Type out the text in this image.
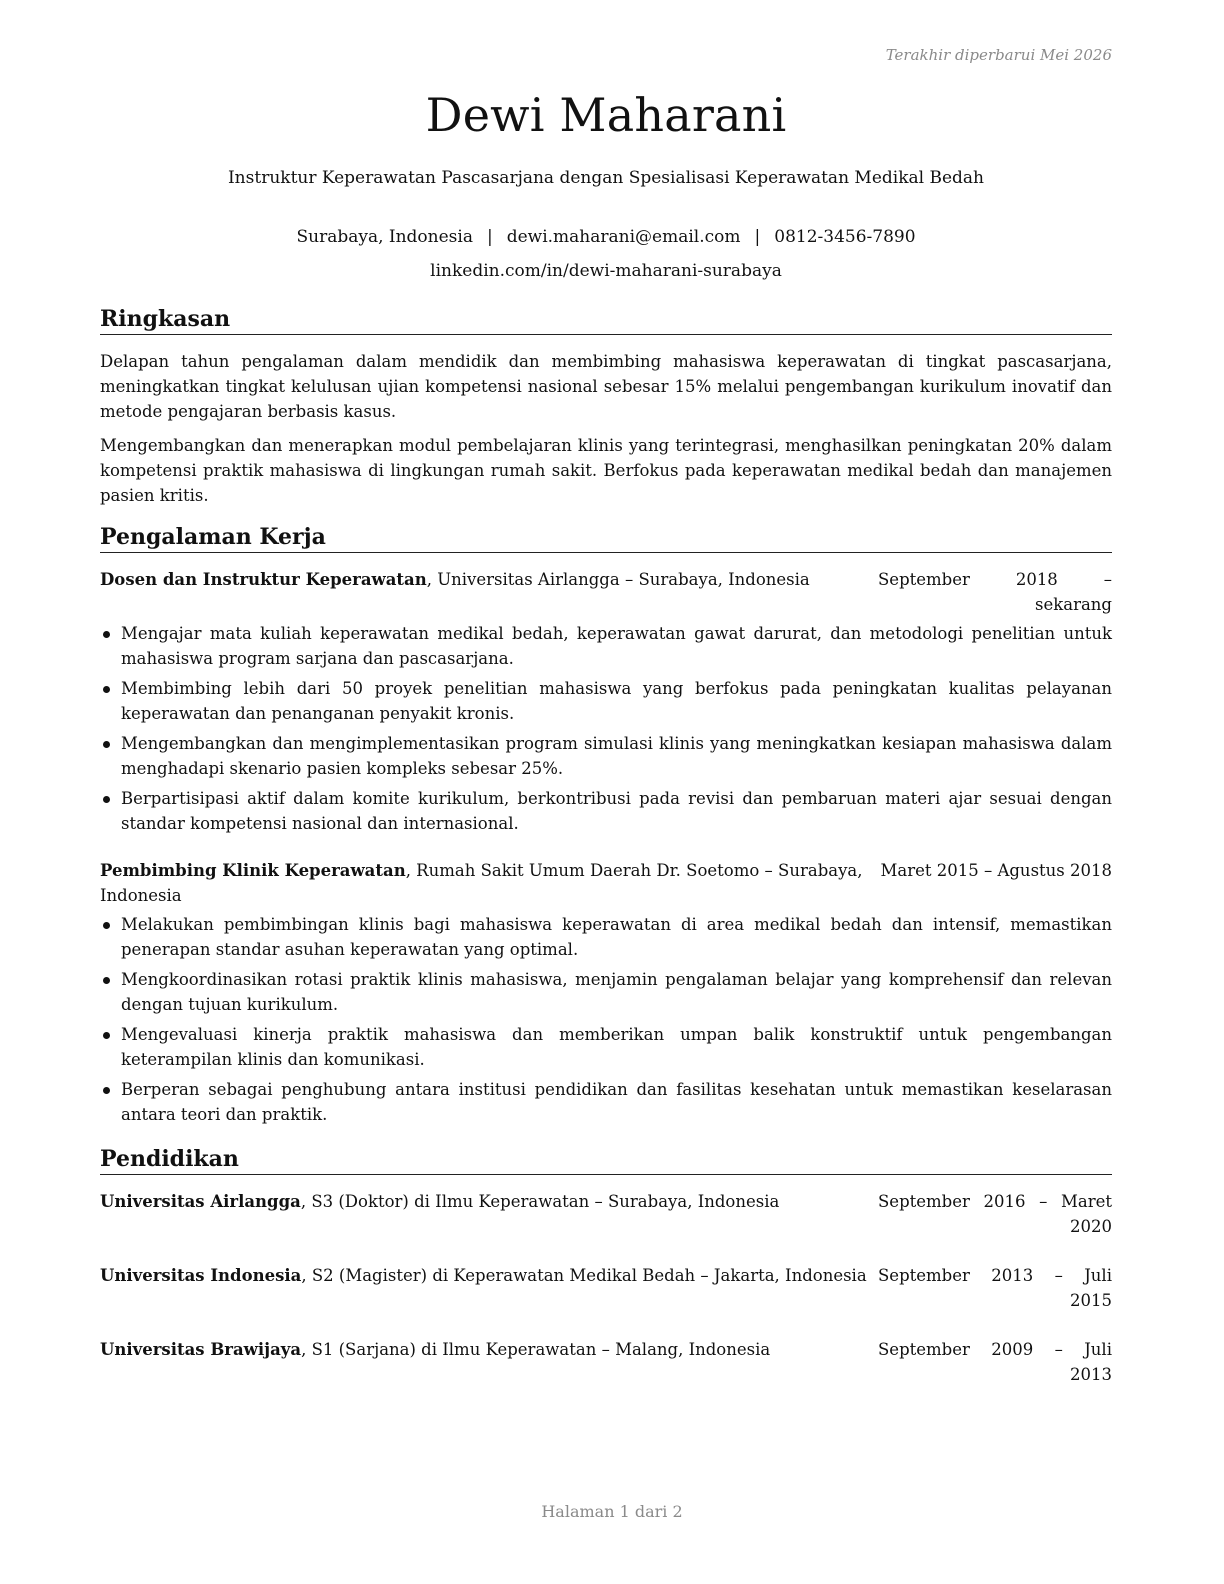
Terakhir diperbarui Mei 2026
Dewi Maharani
Instruktur Keperawatan Pascasarjana dengan Spesialisasi Keperawatan Medikal Bedah
Surabaya, Indonesia | dewi.maharani@email.com | 0812-3456-7890
linkedin.com/in/dewi-maharani-surabaya
Ringkasan

Delapan tahun pengalaman dalam mendidik dan membimbing mahasiswa keperawatan di tingkat pascasarjana, meningkatkan tingkat kelulusan ujian kompetensi nasional sebesar 15% melalui pengembangan kurikulum inovatif dan metode pengajaran berbasis kasus.

Mengembangkan dan menerapkan modul pembelajaran klinis yang terintegrasi, menghasilkan peningkatan 20% dalam kompetensi praktik mahasiswa di lingkungan rumah sakit. Berfokus pada keperawatan medikal bedah dan manajemen pasien kritis.

Pengalaman Kerja
Dosen dan Instruktur Keperawatan, Universitas Airlangga – Surabaya, Indonesia	September 2018 –
sekarang
Mengajar mata kuliah keperawatan medikal bedah, keperawatan gawat darurat, dan metodologi penelitian untuk mahasiswa program sarjana dan pascasarjana.
Membimbing lebih dari 50 proyek penelitian mahasiswa yang berfokus pada peningkatan kualitas pelayanan keperawatan dan penanganan penyakit kronis.
Mengembangkan dan mengimplementasikan program simulasi klinis yang meningkatkan kesiapan mahasiswa dalam menghadapi skenario pasien kompleks sebesar 25%.
Berpartisipasi aktif dalam komite kurikulum, berkontribusi pada revisi dan pembaruan materi ajar sesuai dengan standar kompetensi nasional dan internasional.
Pembimbing Klinik Keperawatan, Rumah Sakit Umum Daerah Dr. Soetomo – Surabaya,
Indonesia
Maret 2015 – Agustus 2018
Melakukan pembimbingan klinis bagi mahasiswa keperawatan di area medikal bedah dan intensif, memastikan penerapan standar asuhan keperawatan yang optimal.
Mengkoordinasikan rotasi praktik klinis mahasiswa, menjamin pengalaman belajar yang komprehensif dan relevan dengan tujuan kurikulum.
Mengevaluasi kinerja praktik mahasiswa dan memberikan umpan balik konstruktif untuk pengembangan keterampilan klinis dan komunikasi.
Berperan sebagai penghubung antara institusi pendidikan dan fasilitas kesehatan untuk memastikan keselarasan antara teori dan praktik.
Pendidikan
Universitas Airlangga, S3 (Doktor) di Ilmu Keperawatan – Surabaya, Indonesia	September 2016 – Maret
2020
Universitas Indonesia, S2 (Magister) di Keperawatan Medikal Bedah – Jakarta, Indonesia September 2013 – Juli
2015
Universitas Brawijaya, S1 (Sarjana) di Ilmu Keperawatan – Malang, Indonesia	September 2009 – Juli
2013
Halaman 1 dari 2
